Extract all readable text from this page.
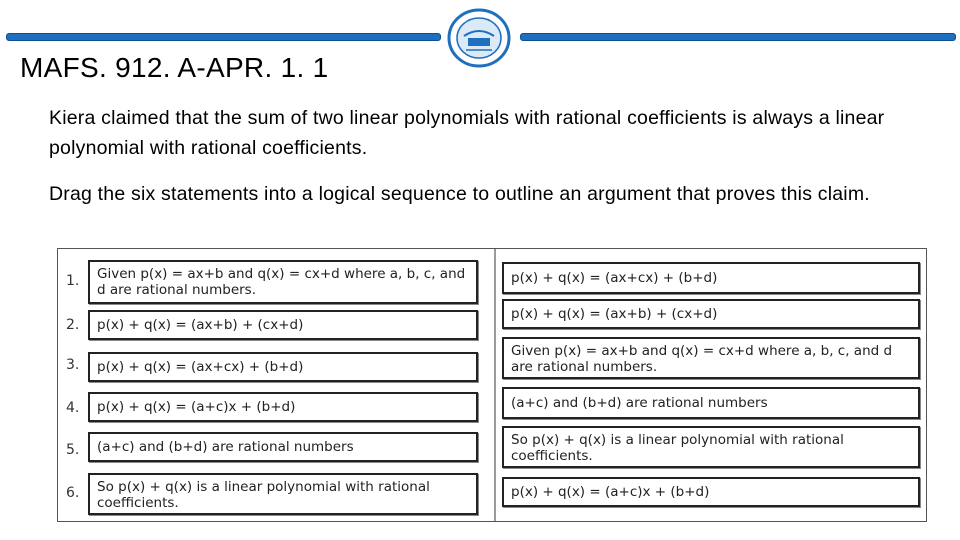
MAFS. 912. A-APR. 1. 1
Kiera claimed that the sum of two linear polynomials with rational coefficients is always a linear polynomial with rational coefficients.
Drag the six statements into a logical sequence to outline an argument that proves this claim.
1.
2.
3.
4.
5.
6.
Given p(x) = ax+b and q(x) = cx+d where a, b, c, and d are rational numbers.
p(x) + q(x) = (ax+b) + (cx+d)
p(x) + q(x) = (ax+cx) + (b+d)
p(x) + q(x) = (a+c)x + (b+d)
(a+c) and (b+d) are rational numbers
So p(x) + q(x) is a linear polynomial with rational coefficients.
p(x) + q(x) = (ax+cx) + (b+d)
p(x) + q(x) = (ax+b) + (cx+d)
Given p(x) = ax+b and q(x) = cx+d where a, b, c, and d are rational numbers.
(a+c) and (b+d) are rational numbers
So p(x) + q(x) is a linear polynomial with rational coefficients.
p(x) + q(x) = (a+c)x + (b+d)
